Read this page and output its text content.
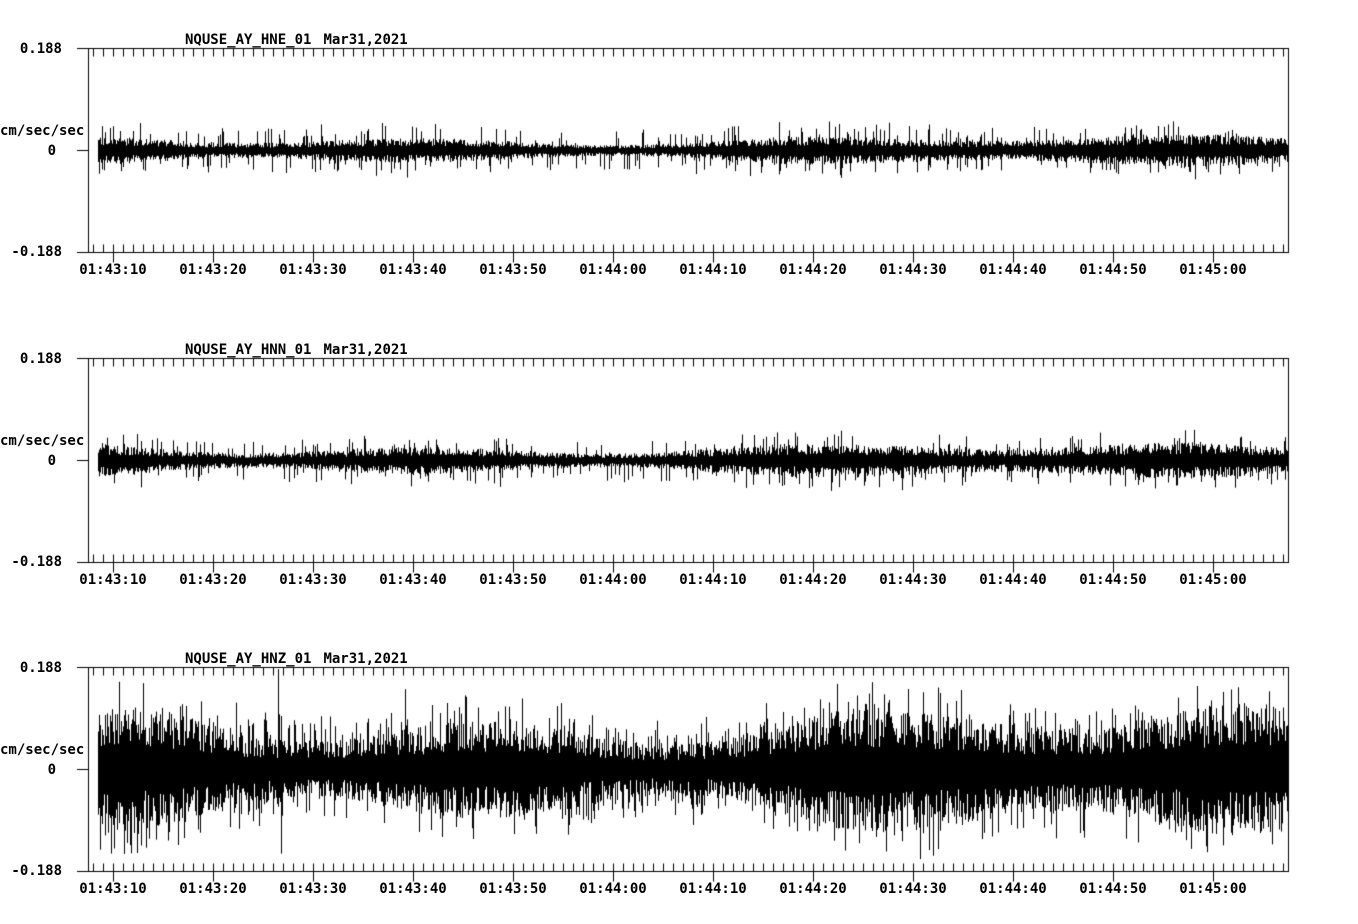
NQUSE_AY_HNE_01 Mar31,2021
0.188
cm/sec/sec
0
-0.188
01:43:10	01:43:20	01:43:30	01:43:40	01:43:50	01:44:00	01:44:10	01:44:20	01:44:30	01:44:40	01:44:50	01:45:00
NQUSE_AY_HNN_01 Mar31,2021
0.188
cm/sec/sec
0
-0.188
01:43:10	01:43:20	01:43:30	01:43:40	01:43:50	01:44:00	01:44:10	01:44:20	01:44:30	01:44:40	01:44:50	01:45:00
NQUSE_AY_HNZ_01 Mar31,2021
0.188
cm/sec/sec
0
-0.188
01:43:10	01:43:20	01:43:30	01:43:40	01:43:50	01:44:00	01:44:10	01:44:20	01:44:30	01:44:40	01:44:50	01:45:00
